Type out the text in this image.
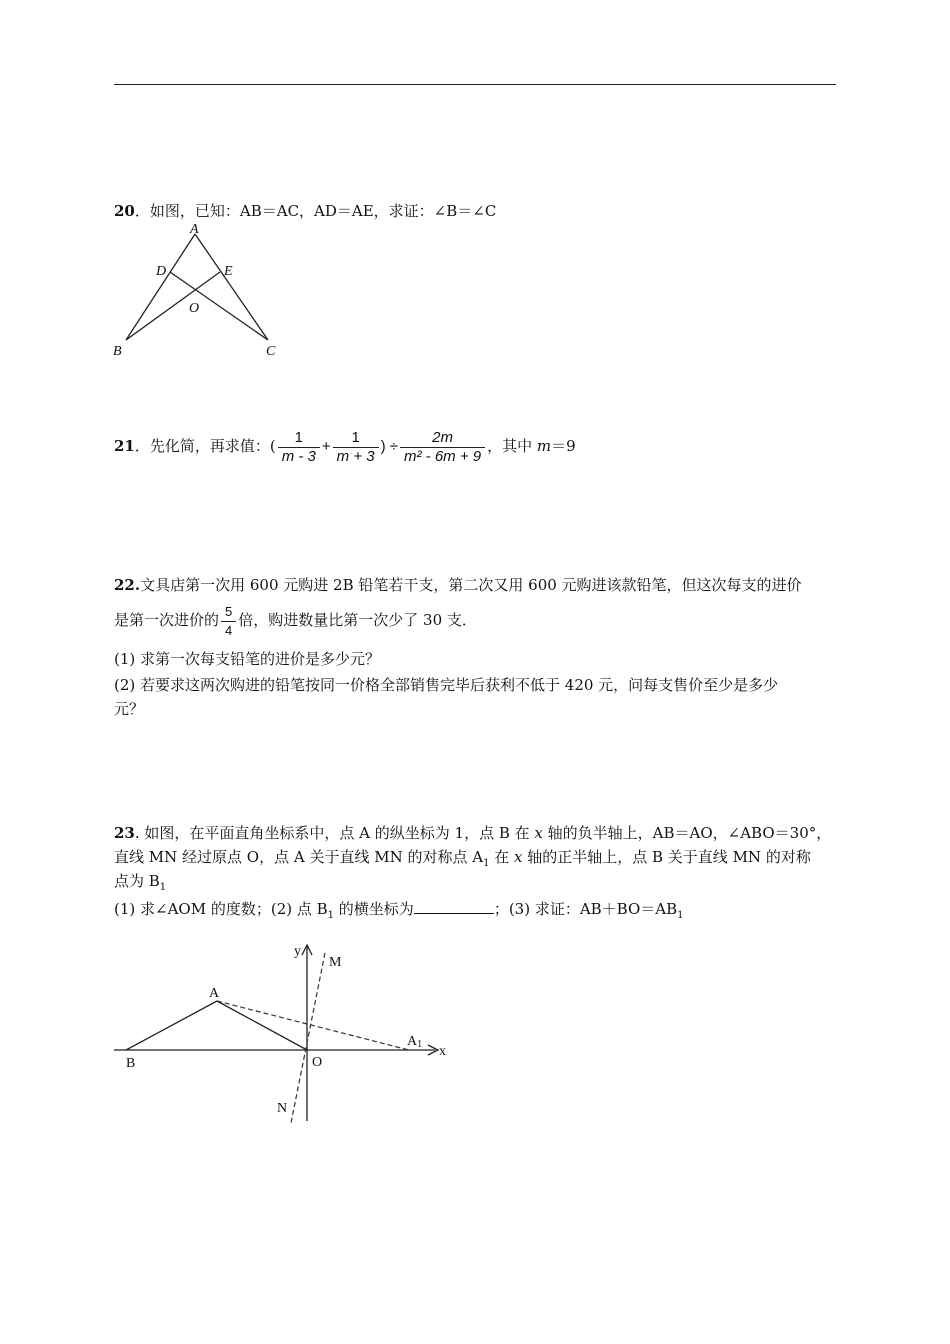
20．如图，已知：AB＝AC，AD＝AE，求证：∠B＝∠C
A
D	E
O
B	C
21．先化简，再求值：( $\frac{1}{m - 3} + \frac{1}{m + 3}$ ) ÷ $\frac{2m}{\text{m² - 6m + 9}}$ ，其中 m＝9
22.文具店第一次用 600 元购进 2B 铅笔若干支，第二次又用 600 元购进该款铅笔，但这次每支的进价
是第一次进价的 $\frac{5}{4}$ 倍，购进数量比第一次少了 30 支．
(1) 求第一次每支铅笔的进价是多少元？
(2) 若要求这两次购进的铅笔按同一价格全部销售完毕后获利不低于 420 元，问每支售价至少是多少
元？
23. 如图，在平面直角坐标系中，点 A 的纵坐标为 1，点 B 在 x 轴的负半轴上，AB＝AO，∠ABO＝30°，
直线 MN 经过原点 O，点 A 关于直线 MN 的对称点 $A_1$ 在 x 轴的正半轴上，点 B 关于直线 MN 的对称
点为 $B_1$
(1) 求∠AOM 的度数；(2) 点 $B_1$ 的横坐标为	；(3) 求证：$AB+BO=AB_1$
y
M
A
A1 x
B	O
N
